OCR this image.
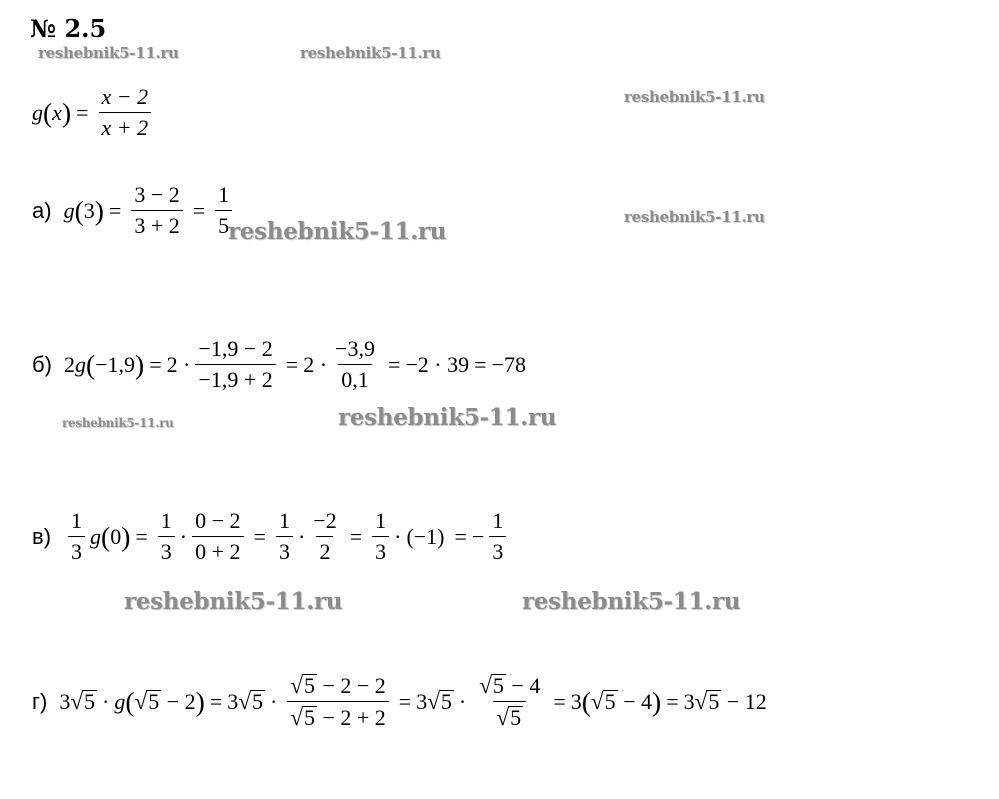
№ 2.5
reshebnik5-11.ru	reshebnik5-11.ru
reshebnik5-11.ru
reshebnik5-11.ru
reshebnik5-11.ru
reshebnik5-11.ru	reshebnik5-11.ru
reshebnik5-11.ru	reshebnik5-11.ru
g ( x ) = $\frac{x - 2}{x + 2}$
а) g ( 3 ) = $\frac{3 - 2}{3 + 2} = \frac{1}{5}$
б) 2 g ( −1,9 ) = $2 \cdot \frac{-1,9 - 2}{-1,9 + 2} = 2 \cdot \frac{-3,9}{0,1} = -2 \cdot 39 = -78$
$в) \frac{1}{3}$ g ( 0 ) = $\frac{1}{3} \cdot \frac{0 - 2}{0 + 2} = \frac{1}{3} \cdot \frac{-2}{2} = \frac{1}{3} \cdot (-1)$ = − $\frac{1}{3}$
г) 3 √ 5 · g ( √ 5
− 2 ) = 3 √ $5 \cdot \frac{√ 5 - 2 - 2}{√ 5 - 2 + 2} = 3$ √ $5 \cdot \frac{√ 5 - 4}{√ 5} = 3$ ( √ 5
− 4 ) = 3 √ 5
− 12
